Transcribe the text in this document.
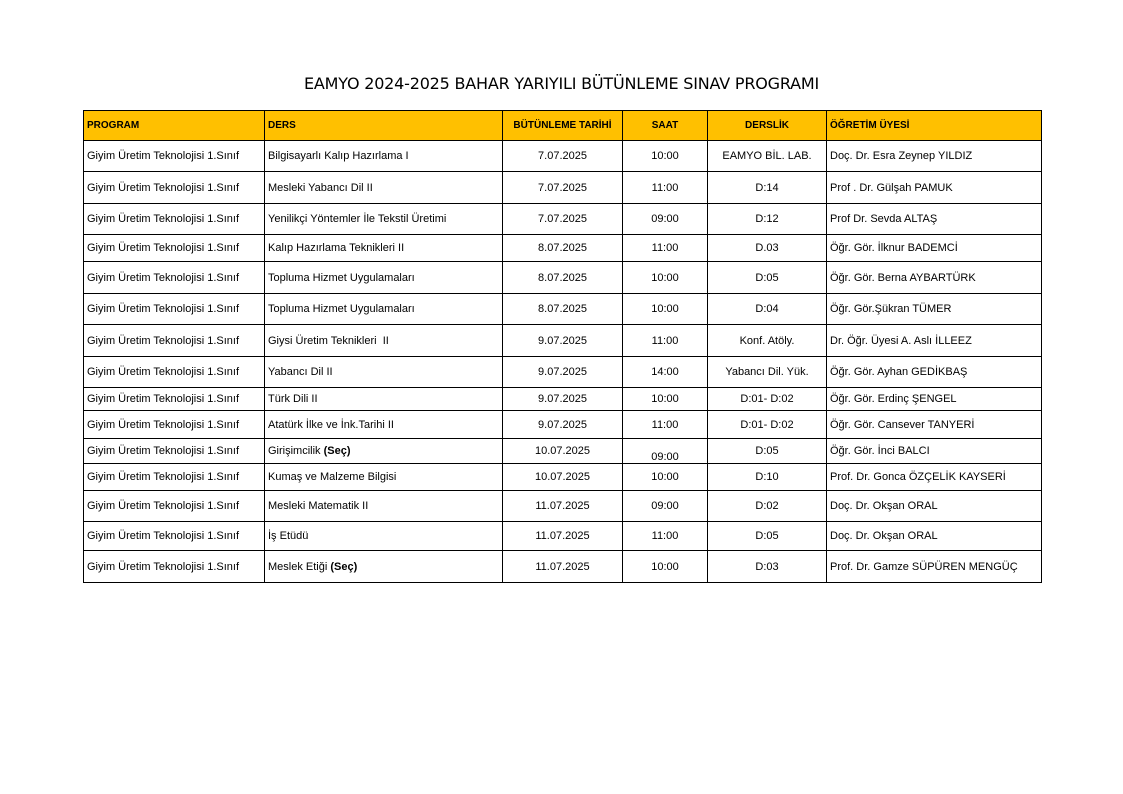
EAMYO 2024-2025 BAHAR YARIYILI BÜTÜNLEME SINAV PROGRAMI
PROGRAM	DERS	BÜTÜNLEME TARİHİ	SAAT	DERSLİK	ÖĞRETİM ÜYESİ
Giyim Üretim Teknolojisi 1.Sınıf	Bilgisayarlı Kalıp Hazırlama I	7.07.2025	10:00	EAMYO BİL. LAB.	Doç. Dr. Esra Zeynep YILDIZ
Giyim Üretim Teknolojisi 1.Sınıf	Mesleki Yabancı Dil II	7.07.2025	11:00	D:14	Prof . Dr. Gülşah PAMUK
Giyim Üretim Teknolojisi 1.Sınıf	Yenilikçi Yöntemler İle Tekstil Üretimi	7.07.2025	09:00	D:12	Prof Dr. Sevda ALTAŞ
Giyim Üretim Teknolojisi 1.Sınıf	Kalıp Hazırlama Teknikleri II	8.07.2025	11:00	D.03	Öğr. Gör. İlknur BADEMCİ
Giyim Üretim Teknolojisi 1.Sınıf	Topluma Hizmet Uygulamaları	8.07.2025	10:00	D:05	Öğr. Gör. Berna AYBARTÜRK
Giyim Üretim Teknolojisi 1.Sınıf	Topluma Hizmet Uygulamaları	8.07.2025	10:00	D:04	Öğr. Gör.Şükran TÜMER
Giyim Üretim Teknolojisi 1.Sınıf	Giysi Üretim Teknikleri  II	9.07.2025	11:00	Konf. Atöly.	Dr. Öğr. Üyesi A. Aslı İLLEEZ
Giyim Üretim Teknolojisi 1.Sınıf	Yabancı Dil II	9.07.2025	14:00	Yabancı Dil. Yük.	Öğr. Gör. Ayhan GEDİKBAŞ
Giyim Üretim Teknolojisi 1.Sınıf	Türk Dili II	9.07.2025	10:00	D:01- D:02	Öğr. Gör. Erdinç ŞENGEL
Giyim Üretim Teknolojisi 1.Sınıf	Atatürk İlke ve İnk.Tarihi II	9.07.2025	11:00	D:01- D:02	Öğr. Gör. Cansever TANYERİ
Giyim Üretim Teknolojisi 1.Sınıf	Girişimcilik (Seç)	10.07.2025	09:00	D:05	Öğr. Gör. İnci BALCI
Giyim Üretim Teknolojisi 1.Sınıf	Kumaş ve Malzeme Bilgisi	10.07.2025	10:00	D:10	Prof. Dr. Gonca ÖZÇELİK KAYSERİ
Giyim Üretim Teknolojisi 1.Sınıf	Mesleki Matematik II	11.07.2025	09:00	D:02	Doç. Dr. Okşan ORAL
Giyim Üretim Teknolojisi 1.Sınıf	İş Etüdü	11.07.2025	11:00	D:05	Doç. Dr. Okşan ORAL
Giyim Üretim Teknolojisi 1.Sınıf	Meslek Etiği (Seç)	11.07.2025	10:00	D:03	Prof. Dr. Gamze SÜPÜREN MENGÜÇ
